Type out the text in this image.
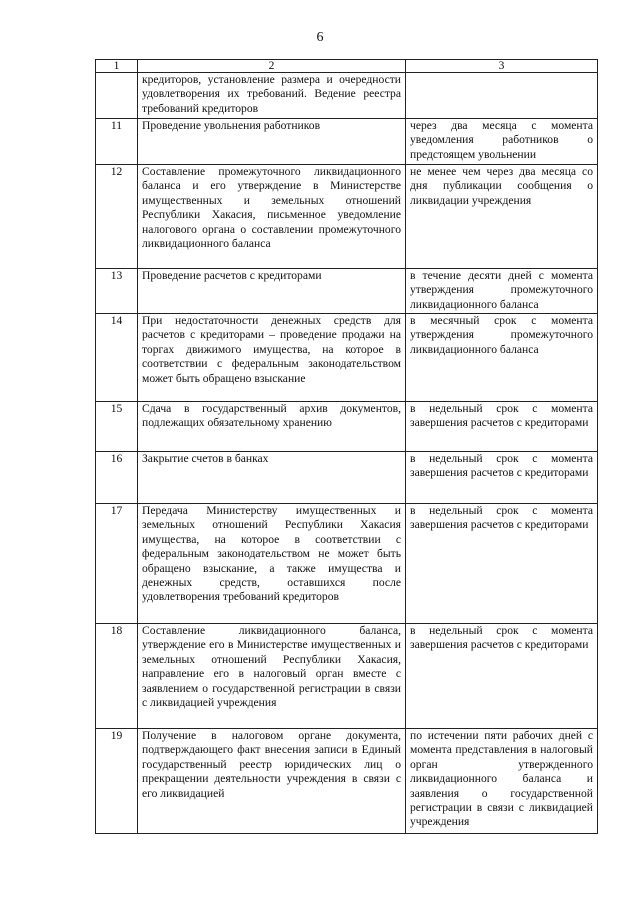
6
1	2	3
	кредиторов, установление размера и очередности удовлетворения их требований. Ведение реестра требований кредиторов	
11	Проведение увольнения работников	через два месяца с момента уведомления работников о предстоящем увольнении
12	Составление промежуточного ликвидационного баланса и его утверждение в Министерстве имущественных и земельных отношений Республики Хакасия, письменное уведомление налогового органа о составлении промежуточного ликвидационного баланса	не менее чем через два месяца со дня публикации сообщения о ликвидации учреждения
13	Проведение расчетов с кредиторами	в течение десяти дней с момента утверждения промежуточного ликвидационного баланса
14	При недостаточности денежных средств для расчетов с кредиторами – проведение продажи на торгах движимого имущества, на которое в соответствии с федеральным законодательством может быть обращено взыскание	в месячный срок с момента утверждения промежуточного ликвидационного баланса
15	Сдача в государственный архив документов, подлежащих обязательному хранению	в недельный срок с момента завершения расчетов с кредиторами
16	Закрытие счетов в банках	в недельный срок с момента завершения расчетов с кредиторами
17	Передача Министерству имущественных и земельных отношений Республики Хакасия имущества, на которое в соответствии с федеральным законодательством не может быть обращено взыскание, а также имущества и денежных средств, оставшихся после удовлетворения требований кредиторов	в недельный срок с момента завершения расчетов с кредиторами
18	Составление ликвидационного баланса, утверждение его в Министерстве имущественных и земельных отношений Республики Хакасия, направление его в налоговый орган вместе с заявлением о государственной регистрации в связи с ликвидацией учреждения	в недельный срок с момента завершения расчетов с кредиторами
19	Получение в налоговом органе документа, подтверждающего факт внесения записи в Единый государственный реестр юридических лиц о прекращении деятельности учреждения в связи с его ликвидацией	по истечении пяти рабочих дней с момента представления в налоговый орган утвержденного ликвидационного баланса и заявления о государственной регистрации в связи с ликвидацией учреждения
